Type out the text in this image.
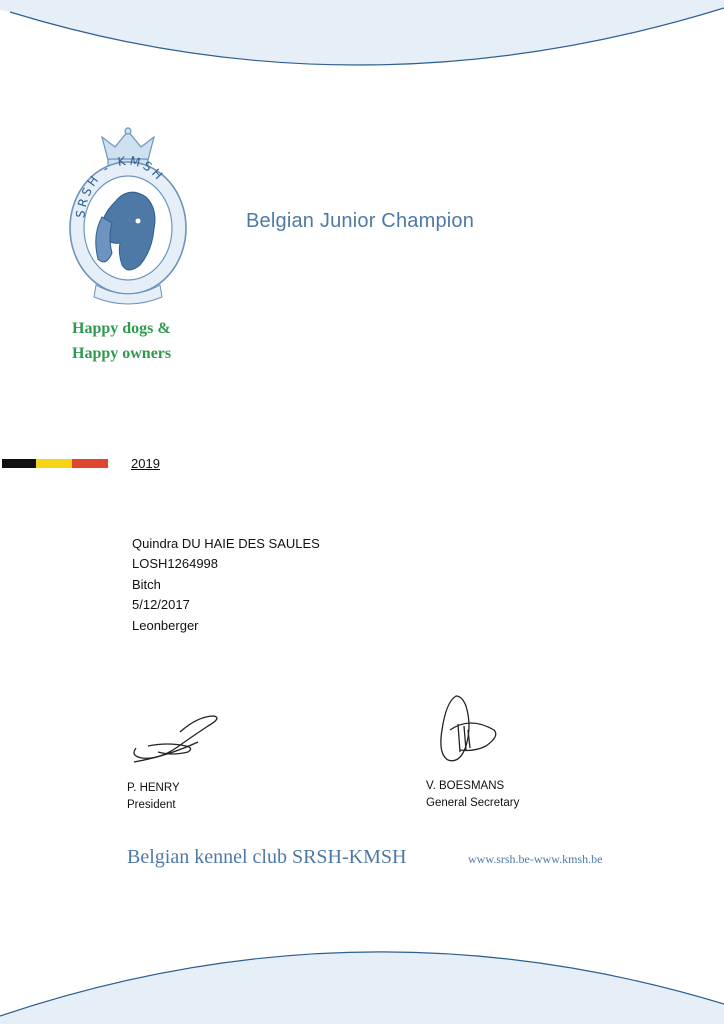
SRSH - KMSH
Belgian Junior Champion
Happy dogs &
Happy owners
2019
Quindra DU HAIE DES SAULES
LOSH1264998
Bitch
5/12/2017
Leonberger
P. HENRY
President
V. BOESMANS
General Secretary
Belgian kennel club SRSH-KMSH	www.srsh.be-www.kmsh.be
